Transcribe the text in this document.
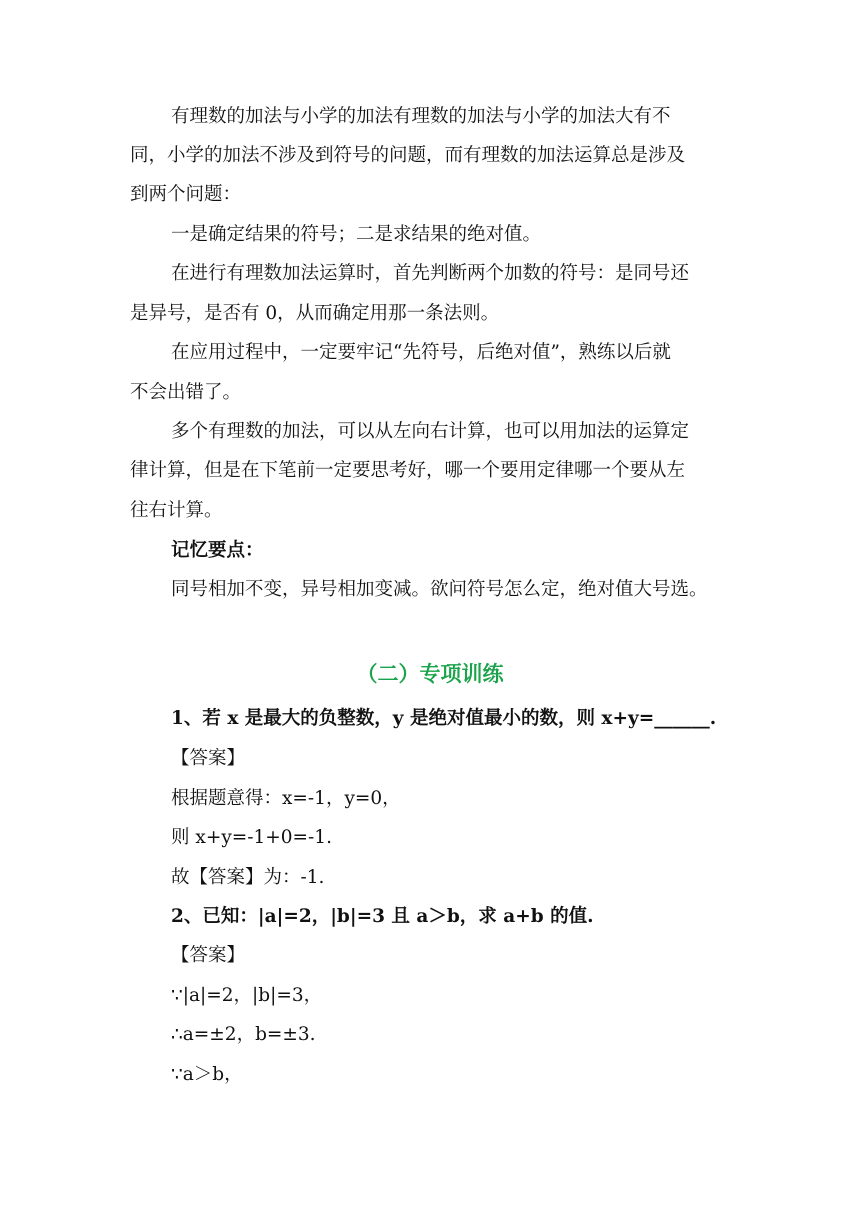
有理数的加法与小学的加法有理数的加法与小学的加法大有不
同，小学的加法不涉及到符号的问题，而有理数的加法运算总是涉及
到两个问题：
一是确定结果的符号；二是求结果的绝对值。
在进行有理数加法运算时，首先判断两个加数的符号：是同号还
是异号，是否有 0，从而确定用那一条法则。
在应用过程中，一定要牢记“先符号，后绝对值”，熟练以后就
不会出错了。
多个有理数的加法，可以从左向右计算，也可以用加法的运算定
律计算，但是在下笔前一定要思考好，哪一个要用定律哪一个要从左
往右计算。
记忆要点：
同号相加不变，异号相加变减。欲问符号怎么定，绝对值大号选。
（二）专项训练
1、若 x 是最大的负整数，y 是绝对值最小的数，则 x+y=______.
【答案】
根据题意得：x=-1，y=0，
则 x+y=-1+0=-1.
故【答案】为：-1.
2、已知：|a|=2，|b|=3 且 a＞b，求 a+b 的值.
【答案】
∵|a|=2，|b|=3，
∴a=±2，b=±3.
∵a＞b，
